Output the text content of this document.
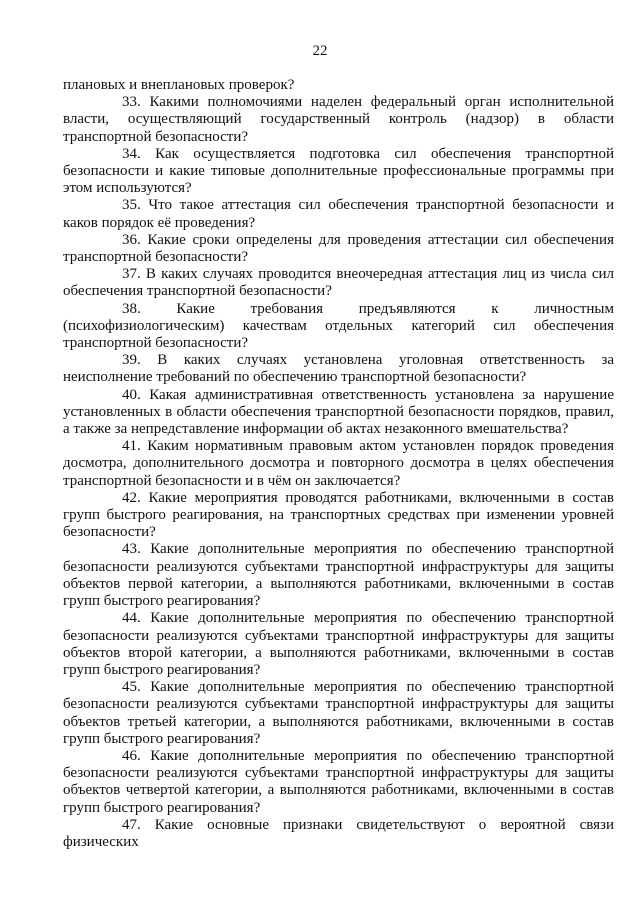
22

плановых и внеплановых проверок?

33. Какими полномочиями наделен федеральный орган исполнительной власти, осуществляющий государственный контроль (надзор) в области транспортной безопасности?

34. Как осуществляется подготовка сил обеспечения транспортной безопасности и какие типовые дополнительные профессиональные программы при этом используются?

35. Что такое аттестация сил обеспечения транспортной безопасности и каков порядок её проведения?

36. Какие сроки определены для проведения аттестации сил обеспечения транспортной безопасности?

37. В каких случаях проводится внеочередная аттестация лиц из числа сил обеспечения транспортной безопасности?

38. Какие требования предъявляются к личностным (психофизиологическим) качествам отдельных категорий сил обеспечения транспортной безопасности?

39. В каких случаях установлена уголовная ответственность за неисполнение требований по обеспечению транспортной безопасности?

40. Какая административная ответственность установлена за нарушение установленных в области обеспечения транспортной безопасности порядков, правил, а также за непредставление информации об актах незаконного вмешательства?

41. Каким нормативным правовым актом установлен порядок проведения досмотра, дополнительного досмотра и повторного досмотра в целях обеспечения транспортной безопасности и в чём он заключается?

42. Какие мероприятия проводятся работниками, включенными в состав групп быстрого реагирования, на транспортных средствах при изменении уровней безопасности?

43. Какие дополнительные мероприятия по обеспечению транспортной безопасности реализуются субъектами транспортной инфраструктуры для защиты объектов первой категории, а выполняются работниками, включенными в состав групп быстрого реагирования?

44. Какие дополнительные мероприятия по обеспечению транспортной безопасности реализуются субъектами транспортной инфраструктуры для защиты объектов второй категории, а выполняются работниками, включенными в состав групп быстрого реагирования?

45. Какие дополнительные мероприятия по обеспечению транспортной безопасности реализуются субъектами транспортной инфраструктуры для защиты объектов третьей категории, а выполняются работниками, включенными в состав групп быстрого реагирования?

46. Какие дополнительные мероприятия по обеспечению транспортной безопасности реализуются субъектами транспортной инфраструктуры для защиты объектов четвертой категории, а выполняются работниками, включенными в состав групп быстрого реагирования?

47. Какие основные признаки свидетельствуют о вероятной связи физических
